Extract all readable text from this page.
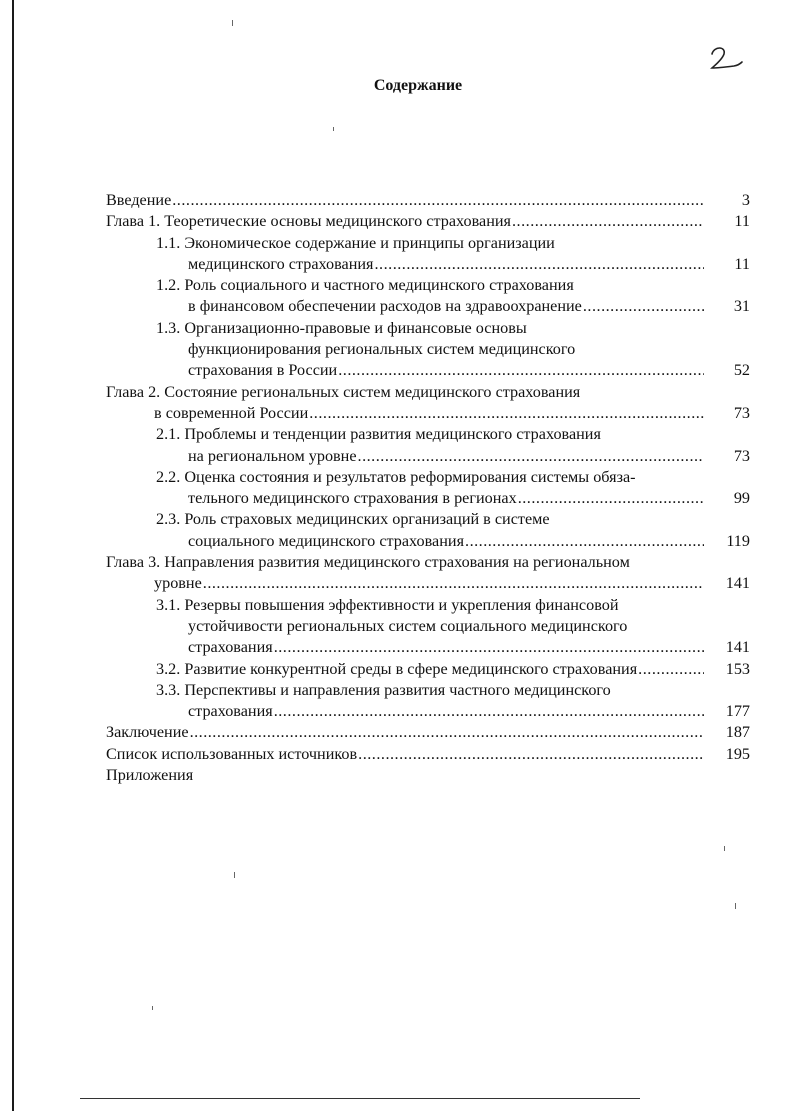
Содержание
Введение .....	3
Глава 1. Теоретические основы медицинского страхования .....	11
1.1. Экономическое содержание и принципы организации
медицинского страхования .....	11
1.2. Роль социального и частного медицинского страхования
в финансовом обеспечении расходов на здравоохранение .....	31
1.3. Организационно-правовые и финансовые основы
функционирования региональных систем медицинского
страхования в России .....	52
Глава 2. Состояние региональных систем медицинского страхования
в современной России .....	73
2.1. Проблемы и тенденции развития медицинского страхования
на региональном уровне .....	73
2.2. Оценка состояния и результатов реформирования системы обяза-
тельного медицинского страхования в регионах .....	99
2.3. Роль страховых медицинских организаций в системе
социального медицинского страхования .....	119
Глава 3. Направления развития медицинского страхования на региональном
уровне .....	141
3.1. Резервы повышения эффективности и укрепления финансовой
устойчивости региональных систем социального медицинского
страхования .....	141
3.2. Развитие конкурентной среды в сфере медицинского страхования .....	153
3.3. Перспективы и направления развития частного медицинского
страхования .....	177
Заключение .....	187
Список использованных источников .....	195
Приложения
